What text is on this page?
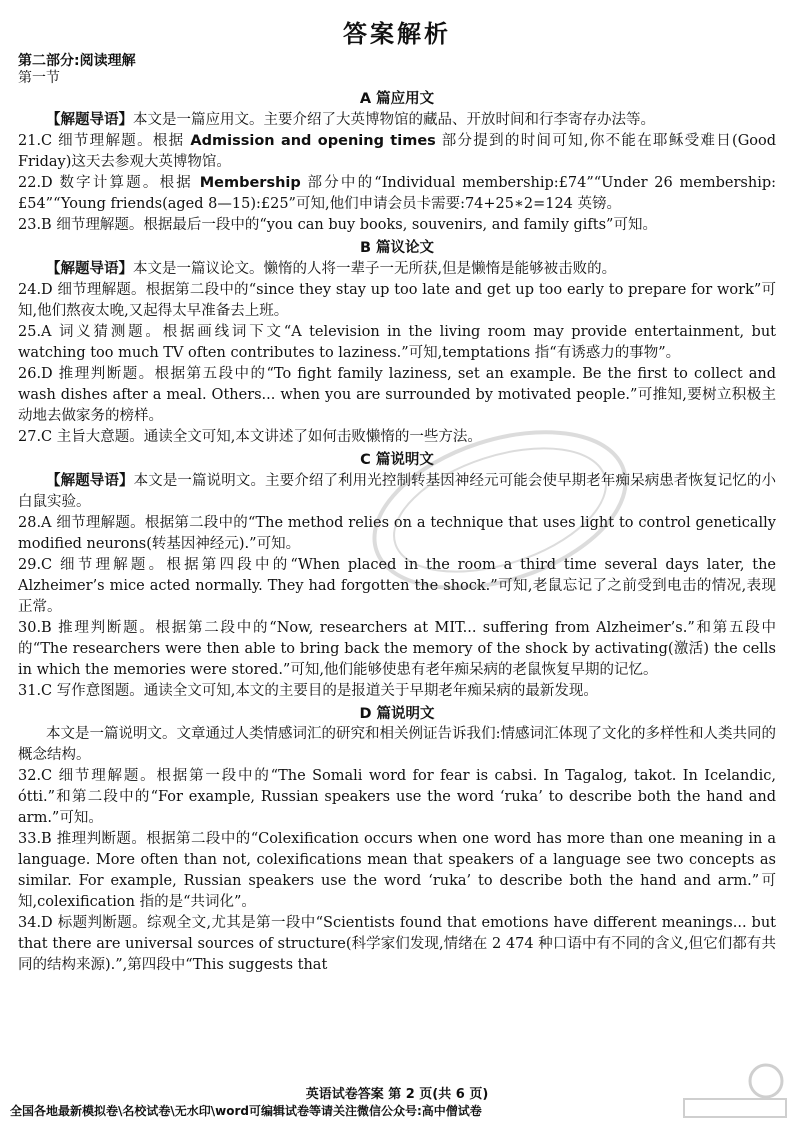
答案解析
第二部分:阅读理解
第一节
A 篇应用文

【解题导语】本文是一篇应用文。主要介绍了大英博物馆的藏品、开放时间和行李寄存办法等。

21.C 细节理解题。根据 Admission and opening times 部分提到的时间可知,你不能在耶稣受难日(Good Friday)这天去参观大英博物馆。

22.D 数字计算题。根据 Membership 部分中的“Individual membership:£74”“Under 26 membership:£54”“Young friends(aged 8—15):£25”可知,他们申请会员卡需要:74+25∗2=124 英镑。

23.B 细节理解题。根据最后一段中的“you can buy books, souvenirs, and family gifts”可知。

B 篇议论文

【解题导语】本文是一篇议论文。懒惰的人将一辈子一无所获,但是懒惰是能够被击败的。

24.D 细节理解题。根据第二段中的“since they stay up too late and get up too early to prepare for work”可知,他们熬夜太晚,又起得太早准备去上班。

25.A 词义猜测题。根据画线词下文“A television in the living room may provide entertainment, but watching too much TV often contributes to laziness.”可知,temptations 指“有诱惑力的事物”。

26.D 推理判断题。根据第五段中的“To fight family laziness, set an example. Be the first to collect and wash dishes after a meal. Others... when you are surrounded by motivated people.”可推知,要树立积极主动地去做家务的榜样。

27.C 主旨大意题。通读全文可知,本文讲述了如何击败懒惰的一些方法。

C 篇说明文

【解题导语】本文是一篇说明文。主要介绍了利用光控制转基因神经元可能会使早期老年痴呆病患者恢复记忆的小白鼠实验。

28.A 细节理解题。根据第二段中的“The method relies on a technique that uses light to control genetically modified neurons(转基因神经元).”可知。

29.C 细节理解题。根据第四段中的“When placed in the room a third time several days later, the Alzheimer’s mice acted normally. They had forgotten the shock.”可知,老鼠忘记了之前受到电击的情况,表现正常。

30.B 推理判断题。根据第二段中的“Now, researchers at MIT... suffering from Alzheimer’s.”和第五段中的“The researchers were then able to bring back the memory of the shock by activating(激活) the cells in which the memories were stored.”可知,他们能够使患有老年痴呆病的老鼠恢复早期的记忆。

31.C 写作意图题。通读全文可知,本文的主要目的是报道关于早期老年痴呆病的最新发现。

D 篇说明文

本文是一篇说明文。文章通过人类情感词汇的研究和相关例证告诉我们:情感词汇体现了文化的多样性和人类共同的概念结构。

32.C 细节理解题。根据第一段中的“The Somali word for fear is cabsi. In Tagalog, takot. In Icelandic, ótti.”和第二段中的“For example, Russian speakers use the word ‘ruka’ to describe both the hand and arm.”可知。

33.B 推理判断题。根据第二段中的“Colexification occurs when one word has more than one meaning in a language. More often than not, colexifications mean that speakers of a language see two concepts as similar. For example, Russian speakers use the word ‘ruka’ to describe both the hand and arm.”可知,colexification 指的是“共词化”。

34.D 标题判断题。综观全文,尤其是第一段中“Scientists found that emotions have different meanings... but that there are universal sources of structure(科学家们发现,情绪在 2 474 种口语中有不同的含义,但它们都有共同的结构来源).”,第四段中“This suggests that

英语试卷答案 第 2 页(共 6 页)
全国各地最新模拟卷\名校试卷\无水印\word可编辑试卷等请关注微信公众号:高中僧试卷
